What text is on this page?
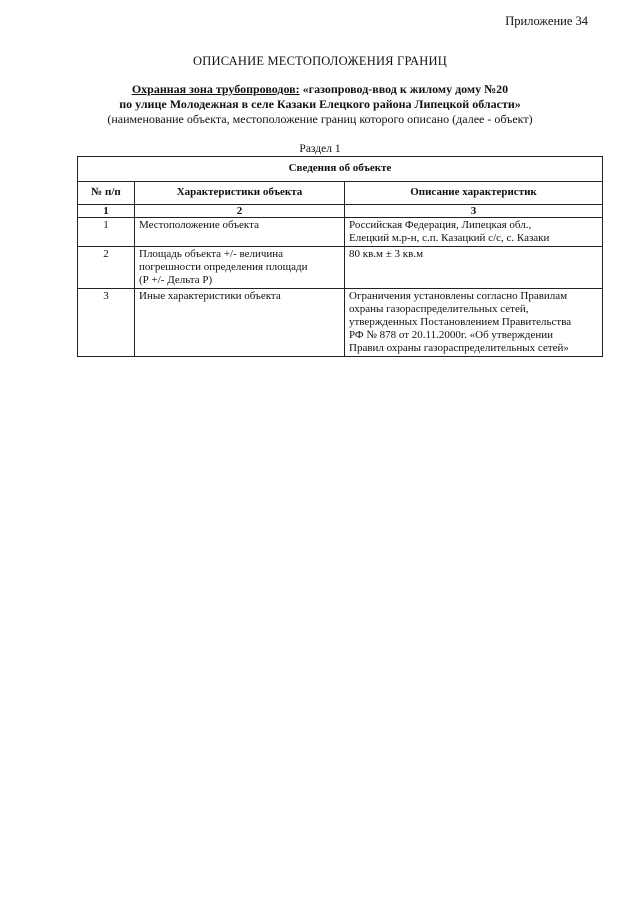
Приложение 34
ОПИСАНИЕ МЕСТОПОЛОЖЕНИЯ ГРАНИЦ
Охранная зона трубопроводов: «газопровод-ввод к жилому дому №20
по улице Молодежная в селе Казаки Елецкого района Липецкой области»
(наименование объекта, местоположение границ которого описано (далее - объект)
Раздел 1
Сведения об объекте		
№ п/п	Характеристики объекта	Описание характеристик
1	2	3
1	Местоположение объекта	Российская Федерация, Липецкая обл.,
Елецкий м.р-н, с.п. Казацкий с/с, с. Казаки

2	Площадь объекта +/- величина
погрешности определения площади
(Р +/- Дельта Р)	80 кв.м ± 3 кв.м

3	Иные характеристики объекта	Ограничения установлены согласно Правилам
охраны газораспределительных сетей,
утвержденных Постановлением Правительства
РФ № 878 от 20.11.2000г. «Об утверждении
Правил охраны газораспределительных сетей»
